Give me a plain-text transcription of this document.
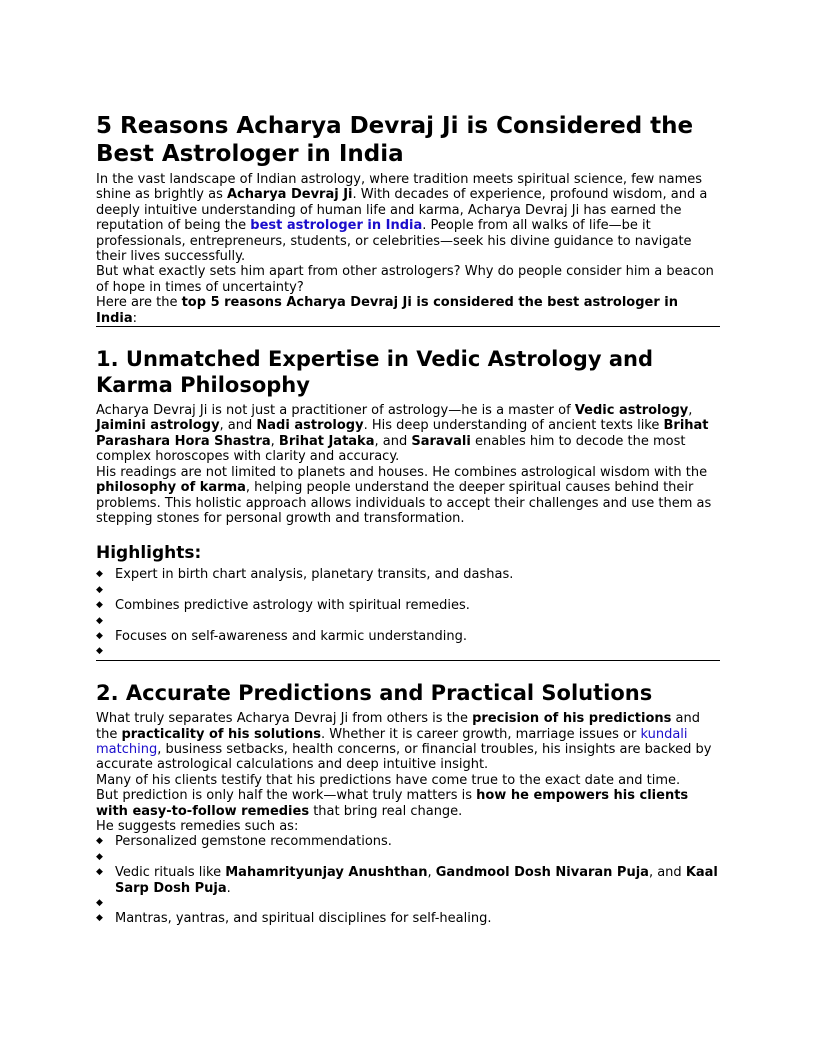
5 Reasons Acharya Devraj Ji is Considered the Best Astrologer in India

In the vast landscape of Indian astrology, where tradition meets spiritual science, few names shine as brightly as Acharya Devraj Ji. With decades of experience, profound wisdom, and a deeply intuitive understanding of human life and karma, Acharya Devraj Ji has earned the reputation of being the best astrologer in India. People from all walks of life—be it professionals, entrepreneurs, students, or celebrities—seek his divine guidance to navigate their lives successfully.

But what exactly sets him apart from other astrologers? Why do people consider him a beacon of hope in times of uncertainty?

Here are the top 5 reasons Acharya Devraj Ji is considered the best astrologer in India:

1. Unmatched Expertise in Vedic Astrology and Karma Philosophy

Acharya Devraj Ji is not just a practitioner of astrology—he is a master of Vedic astrology, Jaimini astrology, and Nadi astrology. His deep understanding of ancient texts like Brihat Parashara Hora Shastra, Brihat Jataka, and Saravali enables him to decode the most complex horoscopes with clarity and accuracy.

His readings are not limited to planets and houses. He combines astrological wisdom with the philosophy of karma, helping people understand the deeper spiritual causes behind their problems. This holistic approach allows individuals to accept their challenges and use them as stepping stones for personal growth and transformation.

Highlights:
◆ Expert in birth chart analysis, planetary transits, and dashas.
◆
◆ Combines predictive astrology with spiritual remedies.
◆
◆ Focuses on self-awareness and karmic understanding.
◆
2. Accurate Predictions and Practical Solutions

What truly separates Acharya Devraj Ji from others is the precision of his predictions and the practicality of his solutions. Whether it is career growth, marriage issues or kundali matching, business setbacks, health concerns, or financial troubles, his insights are backed by accurate astrological calculations and deep intuitive insight.

Many of his clients testify that his predictions have come true to the exact date and time.

But prediction is only half the work—what truly matters is how he empowers his clients with easy-to-follow remedies that bring real change.

He suggests remedies such as:

◆ Personalized gemstone recommendations.
◆
◆ Vedic rituals like Mahamrityunjay Anushthan, Gandmool Dosh Nivaran Puja, and Kaal Sarp Dosh Puja.
◆
◆ Mantras, yantras, and spiritual disciplines for self-healing.
